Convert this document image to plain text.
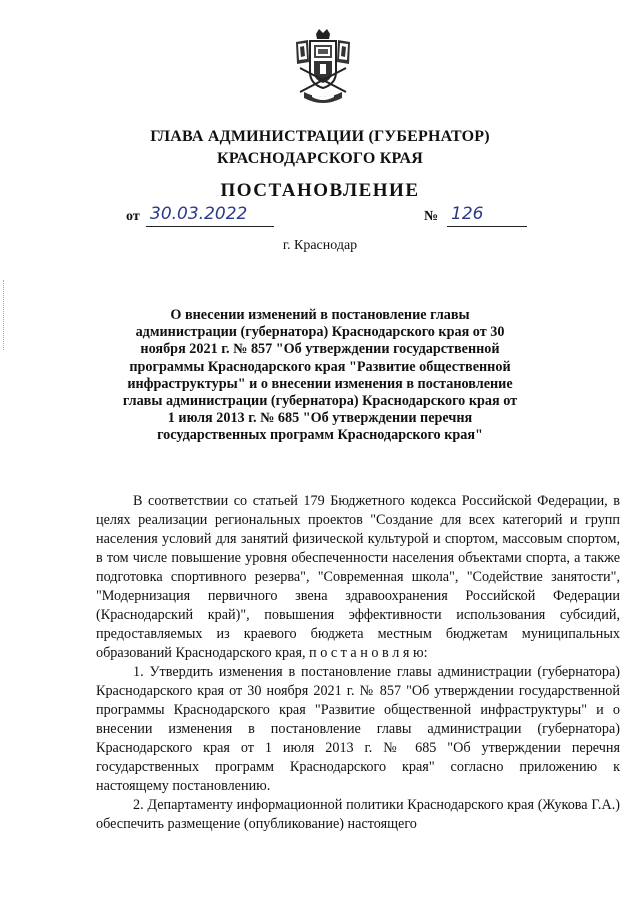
ГЛАВА АДМИНИСТРАЦИИ (ГУБЕРНАТОР)
КРАСНОДАРСКОГО КРАЯ
ПОСТАНОВЛЕНИЕ
от 30.03.2022	№ 126
г. Краснодар
О внесении изменений в постановление главы администрации (губернатора) Краснодарского края от 30 ноября 2021 г. № 857 "Об утверждении государственной программы Краснодарского края "Развитие общественной инфраструктуры" и о внесении изменения в постановление главы администрации (губернатора) Краснодарского края от 1 июля 2013 г. № 685 "Об утверждении перечня государственных программ Краснодарского края"

В соответствии со статьей 179 Бюджетного кодекса Российской Федерации, в целях реализации региональных проектов "Создание для всех категорий и групп населения условий для занятий физической культурой и спортом, массовым спортом, в том числе повышение уровня обеспеченности населения объектами спорта, а также подготовка спортивного резерва", "Современная школа", "Содействие занятости", "Модернизация первичного звена здравоохранения Российской Федерации (Краснодарский край)", повышения эффективности использования субсидий, предоставляемых из краевого бюджета местным бюджетам муниципальных образований Краснодарского края, п о с т а н о в л я ю:

1. Утвердить изменения в постановление главы администрации (губернатора) Краснодарского края от 30 ноября 2021 г. № 857 "Об утверждении государственной программы Краснодарского края "Развитие общественной инфраструктуры" и о внесении изменения в постановление главы администрации (губернатора) Краснодарского края от 1 июля 2013 г. № 685 "Об утверждении перечня государственных программ Краснодарского края" согласно приложению к настоящему постановлению.

2. Департаменту информационной политики Краснодарского края (Жукова Г.А.) обеспечить размещение (опубликование) настоящего
